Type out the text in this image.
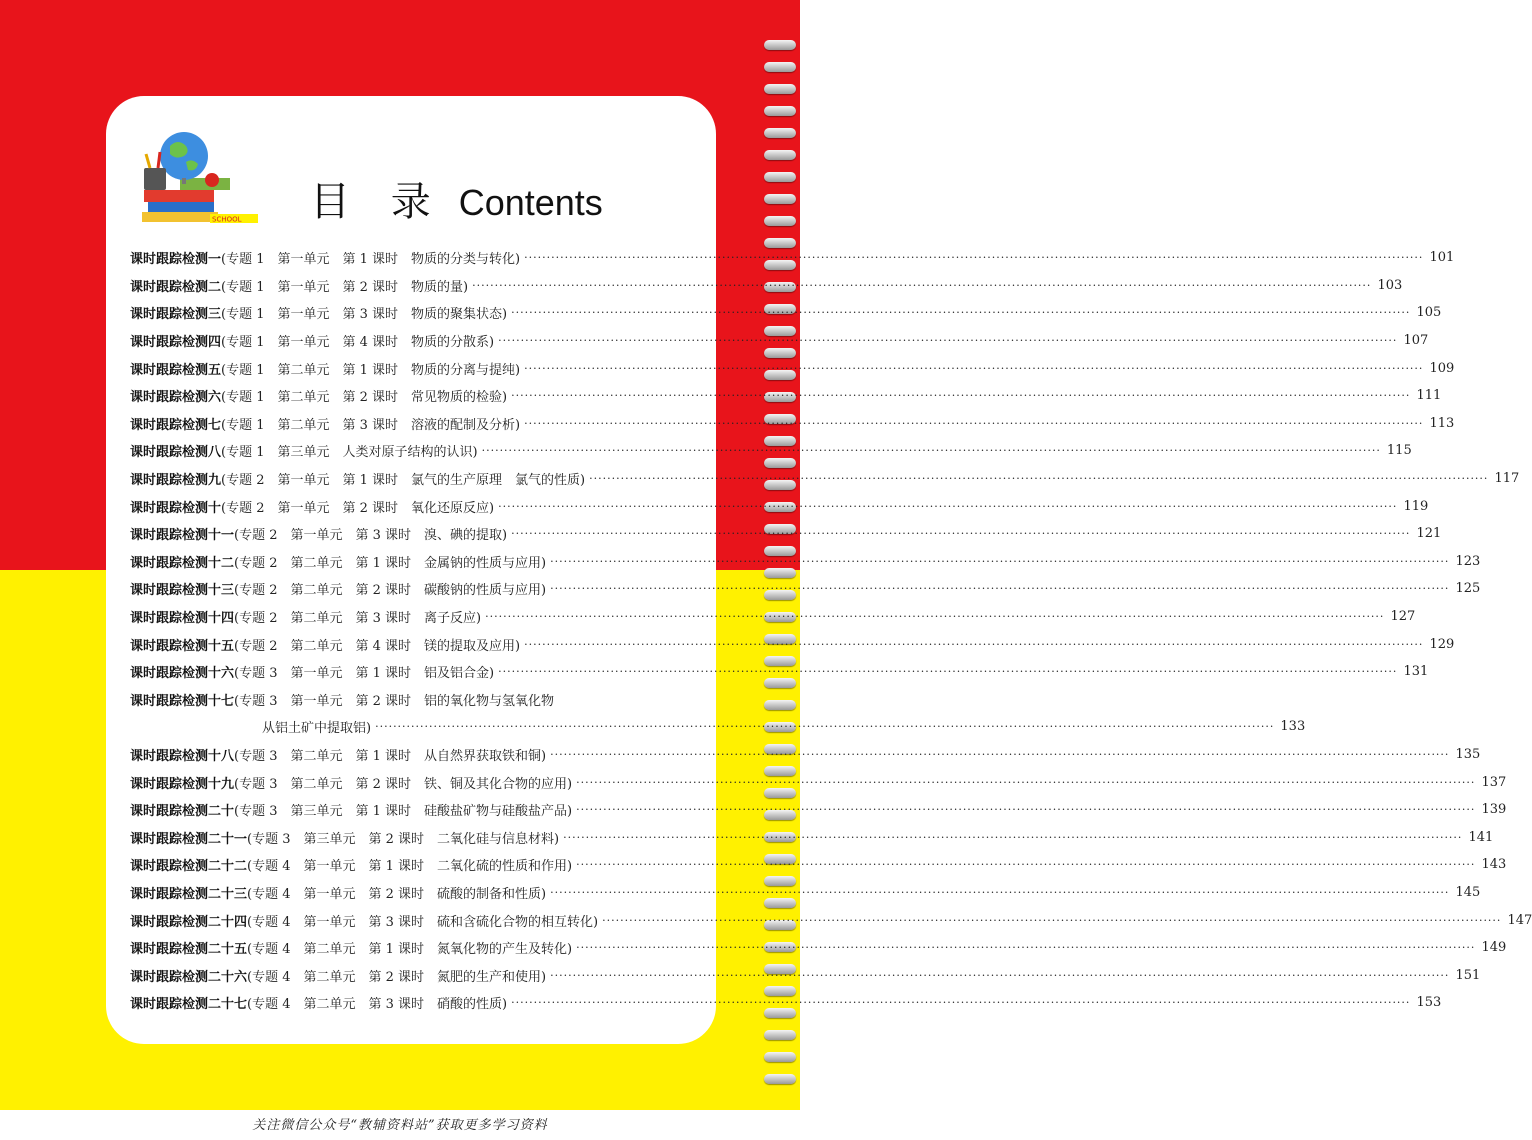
SCHOOL 目 录 Contents
课时跟踪检测一 (专题 1　第一单元　第 1 课时　物质的分类与转化) ········································································································································································································ 101
课时跟踪检测二 (专题 1　第一单元　第 2 课时　物质的量) ········································································································································································································ 103
课时跟踪检测三 (专题 1　第一单元　第 3 课时　物质的聚集状态) ········································································································································································································ 105
课时跟踪检测四 (专题 1　第一单元　第 4 课时　物质的分散系) ········································································································································································································ 107
课时跟踪检测五 (专题 1　第二单元　第 1 课时　物质的分离与提纯) ········································································································································································································ 109
课时跟踪检测六 (专题 1　第二单元　第 2 课时　常见物质的检验) ········································································································································································································ 111
课时跟踪检测七 (专题 1　第二单元　第 3 课时　溶液的配制及分析) ········································································································································································································ 113
课时跟踪检测八 (专题 1　第三单元　人类对原子结构的认识) ········································································································································································································ 115
课时跟踪检测九 (专题 2　第一单元　第 1 课时　氯气的生产原理　氯气的性质) ········································································································································································································ 117
课时跟踪检测十 (专题 2　第一单元　第 2 课时　氧化还原反应) ········································································································································································································ 119
课时跟踪检测十一 (专题 2　第一单元　第 3 课时　溴、碘的提取) ········································································································································································································ 121
课时跟踪检测十二 (专题 2　第二单元　第 1 课时　金属钠的性质与应用) ········································································································································································································ 123
课时跟踪检测十三 (专题 2　第二单元　第 2 课时　碳酸钠的性质与应用) ········································································································································································································ 125
课时跟踪检测十四 (专题 2　第二单元　第 3 课时　离子反应) ········································································································································································································ 127
课时跟踪检测十五 (专题 2　第二单元　第 4 课时　镁的提取及应用) ········································································································································································································ 129
课时跟踪检测十六 (专题 3　第一单元　第 1 课时　铝及铝合金) ········································································································································································································ 131
课时跟踪检测十七 (专题 3　第一单元　第 2 课时　铝的氧化物与氢氧化物
从铝土矿中提取铝) ········································································································································································································ 133
课时跟踪检测十八 (专题 3　第二单元　第 1 课时　从自然界获取铁和铜) ········································································································································································································ 135
课时跟踪检测十九 (专题 3　第二单元　第 2 课时　铁、铜及其化合物的应用) ········································································································································································································ 137
课时跟踪检测二十 (专题 3　第三单元　第 1 课时　硅酸盐矿物与硅酸盐产品) ········································································································································································································ 139
课时跟踪检测二十一 (专题 3　第三单元　第 2 课时　二氧化硅与信息材料) ········································································································································································································ 141
课时跟踪检测二十二 (专题 4　第一单元　第 1 课时　二氧化硫的性质和作用) ········································································································································································································ 143
课时跟踪检测二十三 (专题 4　第一单元　第 2 课时　硫酸的制备和性质) ········································································································································································································ 145
课时跟踪检测二十四 (专题 4　第一单元　第 3 课时　硫和含硫化合物的相互转化) ········································································································································································································ 147
课时跟踪检测二十五 (专题 4　第二单元　第 1 课时　氮氧化物的产生及转化) ········································································································································································································ 149
课时跟踪检测二十六 (专题 4　第二单元　第 2 课时　氮肥的生产和使用) ········································································································································································································ 151
课时跟踪检测二十七 (专题 4　第二单元　第 3 课时　硝酸的性质) ········································································································································································································ 153
关注微信公众号“教辅资料站”获取更多学习资料
